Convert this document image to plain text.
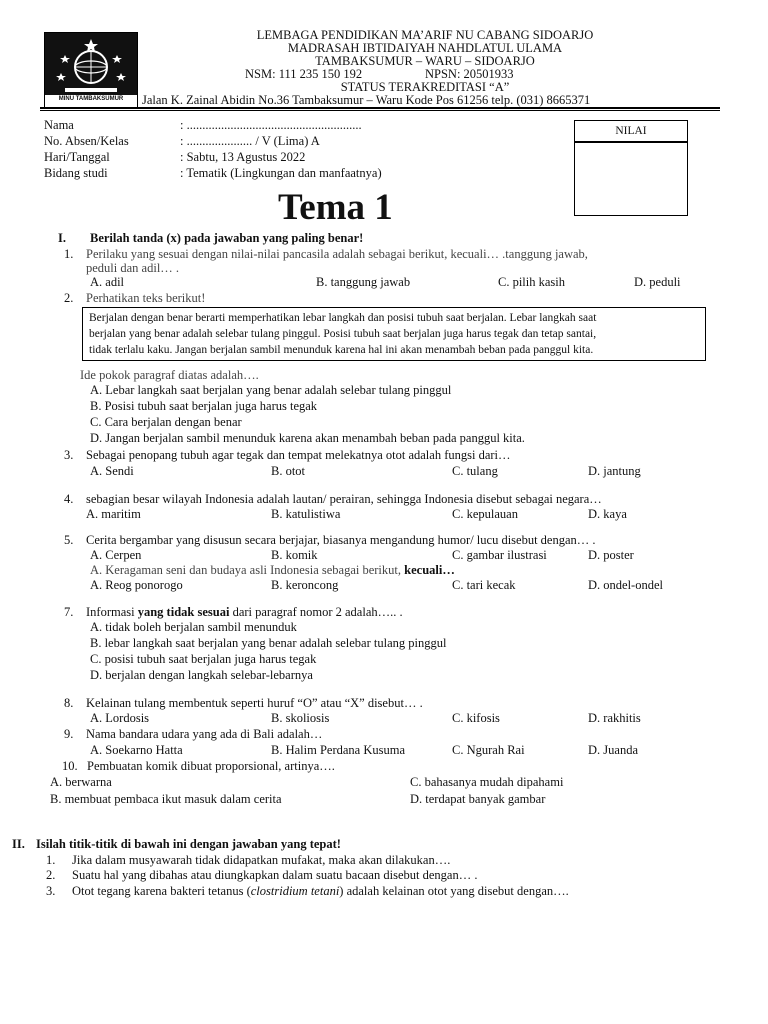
MINU TAMBAKSUMUR
LEMBAGA PENDIDIKAN MA’ARIF NU CABANG SIDOARJO
MADRASAH IBTIDAIYAH NAHDLATUL ULAMA
TAMBAKSUMUR – WARU – SIDOARJO
NSM: 111 235 150 192	NPSN: 20501933
STATUS TERAKREDITASI “A”
Jalan K. Zainal Abidin No.36 Tambaksumur – Waru Kode Pos 61256 telp. (031) 8665371
Nama	: ........................................................
No. Absen/Kelas	: ..................... / V (Lima) A
Hari/Tanggal	: Sabtu, 13 Agustus 2022
Bidang studi	: Tematik (Lingkungan dan manfaatnya)
NILAI
Tema 1
I. Berilah tanda (x) pada jawaban yang paling benar!
1. Perilaku yang sesuai dengan nilai-nilai pancasila adalah sebagai berikut, kecuali… .tanggung jawab,
peduli dan adil… .
A. adil	B. tanggung jawab	C. pilih kasih	D. peduli
2. Perhatikan teks berikut!
Berjalan dengan benar berarti memperhatikan lebar langkah dan posisi tubuh saat berjalan. Lebar langkah saat
berjalan yang benar adalah selebar tulang pinggul. Posisi tubuh saat berjalan juga harus tegak dan tetap santai,
tidak terlalu kaku. Jangan berjalan sambil menunduk karena hal ini akan menambah beban pada panggul kita.
Ide pokok paragraf diatas adalah….
A. Lebar langkah saat berjalan yang benar adalah selebar tulang pinggul
B. Posisi tubuh saat berjalan juga harus tegak
C. Cara berjalan dengan benar
D. Jangan berjalan sambil menunduk karena akan menambah beban pada panggul kita.
3. Sebagai penopang tubuh agar tegak dan tempat melekatnya otot adalah fungsi dari…
A. Sendi	B. otot	C. tulang	D. jantung
4. sebagian besar wilayah Indonesia adalah lautan/ perairan, sehingga Indonesia disebut sebagai negara…
A. maritim	B. katulistiwa	C. kepulauan	D. kaya
5. Cerita bergambar yang disusun secara berjajar, biasanya mengandung humor/ lucu disebut dengan… .
A. Cerpen	B. komik	C. gambar ilustrasi	D. poster
A. Keragaman seni dan budaya asli Indonesia sebagai berikut, kecuali…
A. Reog ponorogo	B. keroncong	C. tari kecak	D. ondel-ondel
7. Informasi yang tidak sesuai dari paragraf nomor 2 adalah….. .
A. tidak boleh berjalan sambil menunduk
B. lebar langkah saat berjalan yang benar adalah selebar tulang pinggul
C. posisi tubuh saat berjalan juga harus tegak
D. berjalan dengan langkah selebar-lebarnya
8. Kelainan tulang membentuk seperti huruf “O” atau “X” disebut… .
A. Lordosis	B. skoliosis	C. kifosis	D. rakhitis
9. Nama bandara udara yang ada di Bali adalah…
A. Soekarno Hatta	B. Halim Perdana Kusuma	C. Ngurah Rai	D. Juanda
10. Pembuatan komik dibuat proporsional, artinya….
A. berwarna	C. bahasanya mudah dipahami
B. membuat pembaca ikut masuk dalam cerita	D. terdapat banyak gambar
II. Isilah titik-titik di bawah ini dengan jawaban yang tepat!
1. Jika dalam musyawarah tidak didapatkan mufakat, maka akan dilakukan….
2. Suatu hal yang dibahas atau diungkapkan dalam suatu bacaan disebut dengan… .
3. Otot tegang karena bakteri tetanus (clostridium tetani) adalah kelainan otot yang disebut dengan….
